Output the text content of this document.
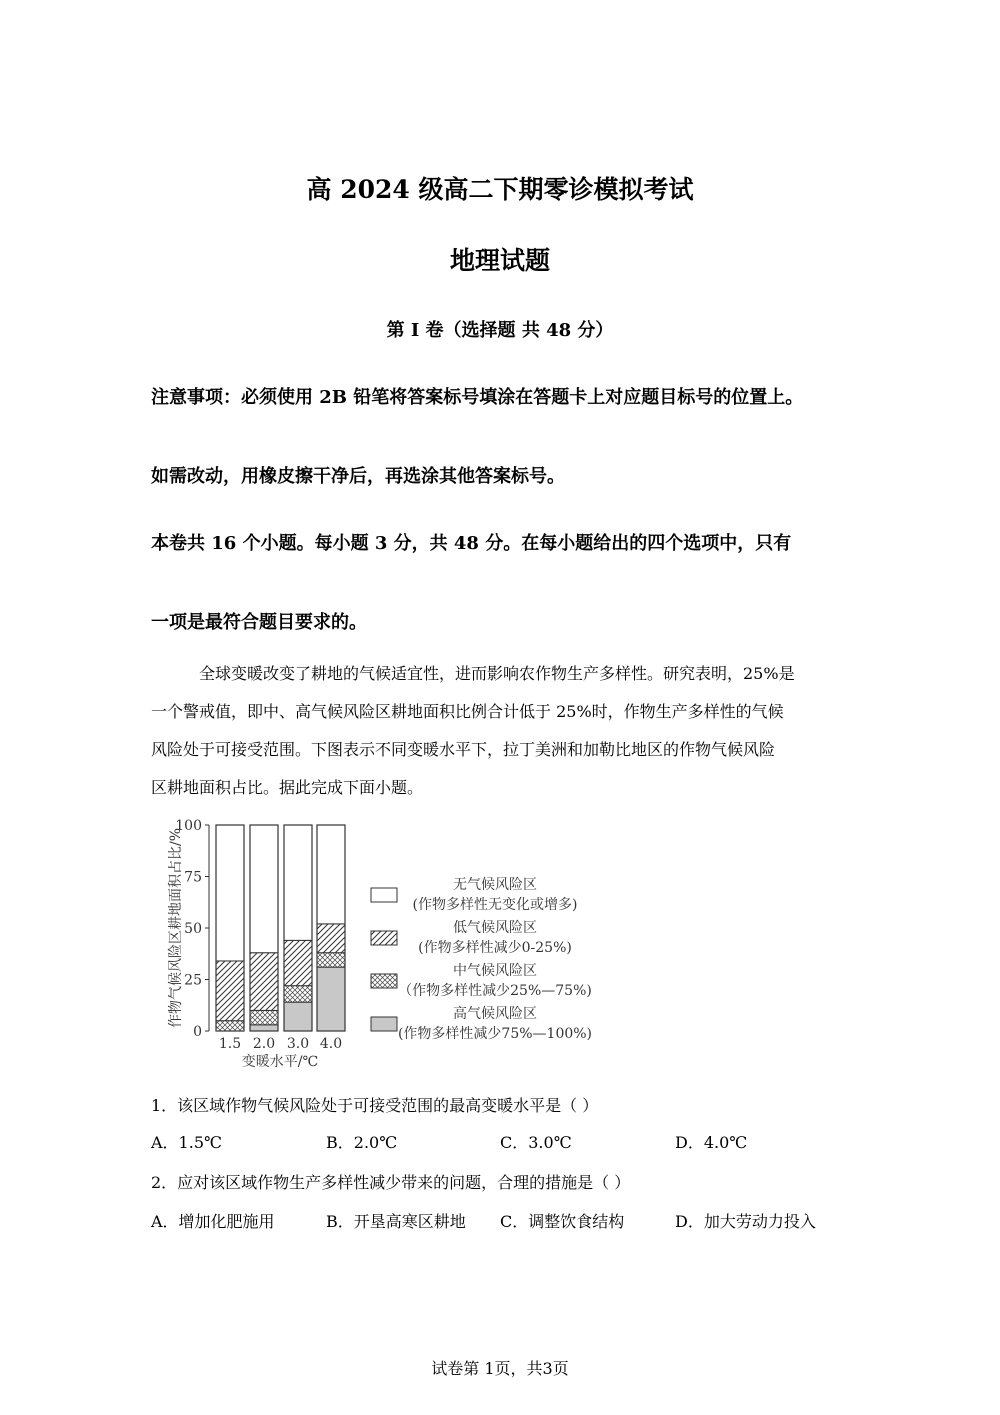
高 2024 级高二下期零诊模拟考试
地理试题
第 Ⅰ 卷（选择题 共 48 分）
注意事项：必须使用 2B 铅笔将答案标号填涂在答题卡上对应题目标号的位置上。
如需改动，用橡皮擦干净后，再选涂其他答案标号。
本卷共 16 个小题。每小题 3 分，共 48 分。在每小题给出的四个选项中，只有
一项是最符合题目要求的。
全球变暖改变了耕地的气候适宜性，进而影响农作物生产多样性。研究表明，25%是
一个警戒值，即中、高气候风险区耕地面积比例合计低于 25%时，作物生产多样性的气候
风险处于可接受范围。下图表示不同变暖水平下，拉丁美洲和加勒比地区的作物气候风险
区耕地面积占比。据此完成下面小题。
作物气候风险区耕地面积占比/%
0
25
50
75
100
1.5 2.0 3.0 4.0
变暖水平/℃
无气候风险区
(作物多样性无变化或增多)
低气候风险区
(作物多样性减少0-25%)
中气候风险区
（作物多样性减少25%—75%)
高气候风险区
(作物多样性减少75%—100%)
1．该区域作物气候风险处于可接受范围的最高变暖水平是（ ）
A．1.5℃	B．2.0℃	C．3.0℃	D．4.0℃
2．应对该区域作物生产多样性减少带来的问题，合理的措施是（ ）
A．增加化肥施用	B．开垦高寒区耕地 C．调整饮食结构	D．加大劳动力投入
试卷第 1页，共3页
